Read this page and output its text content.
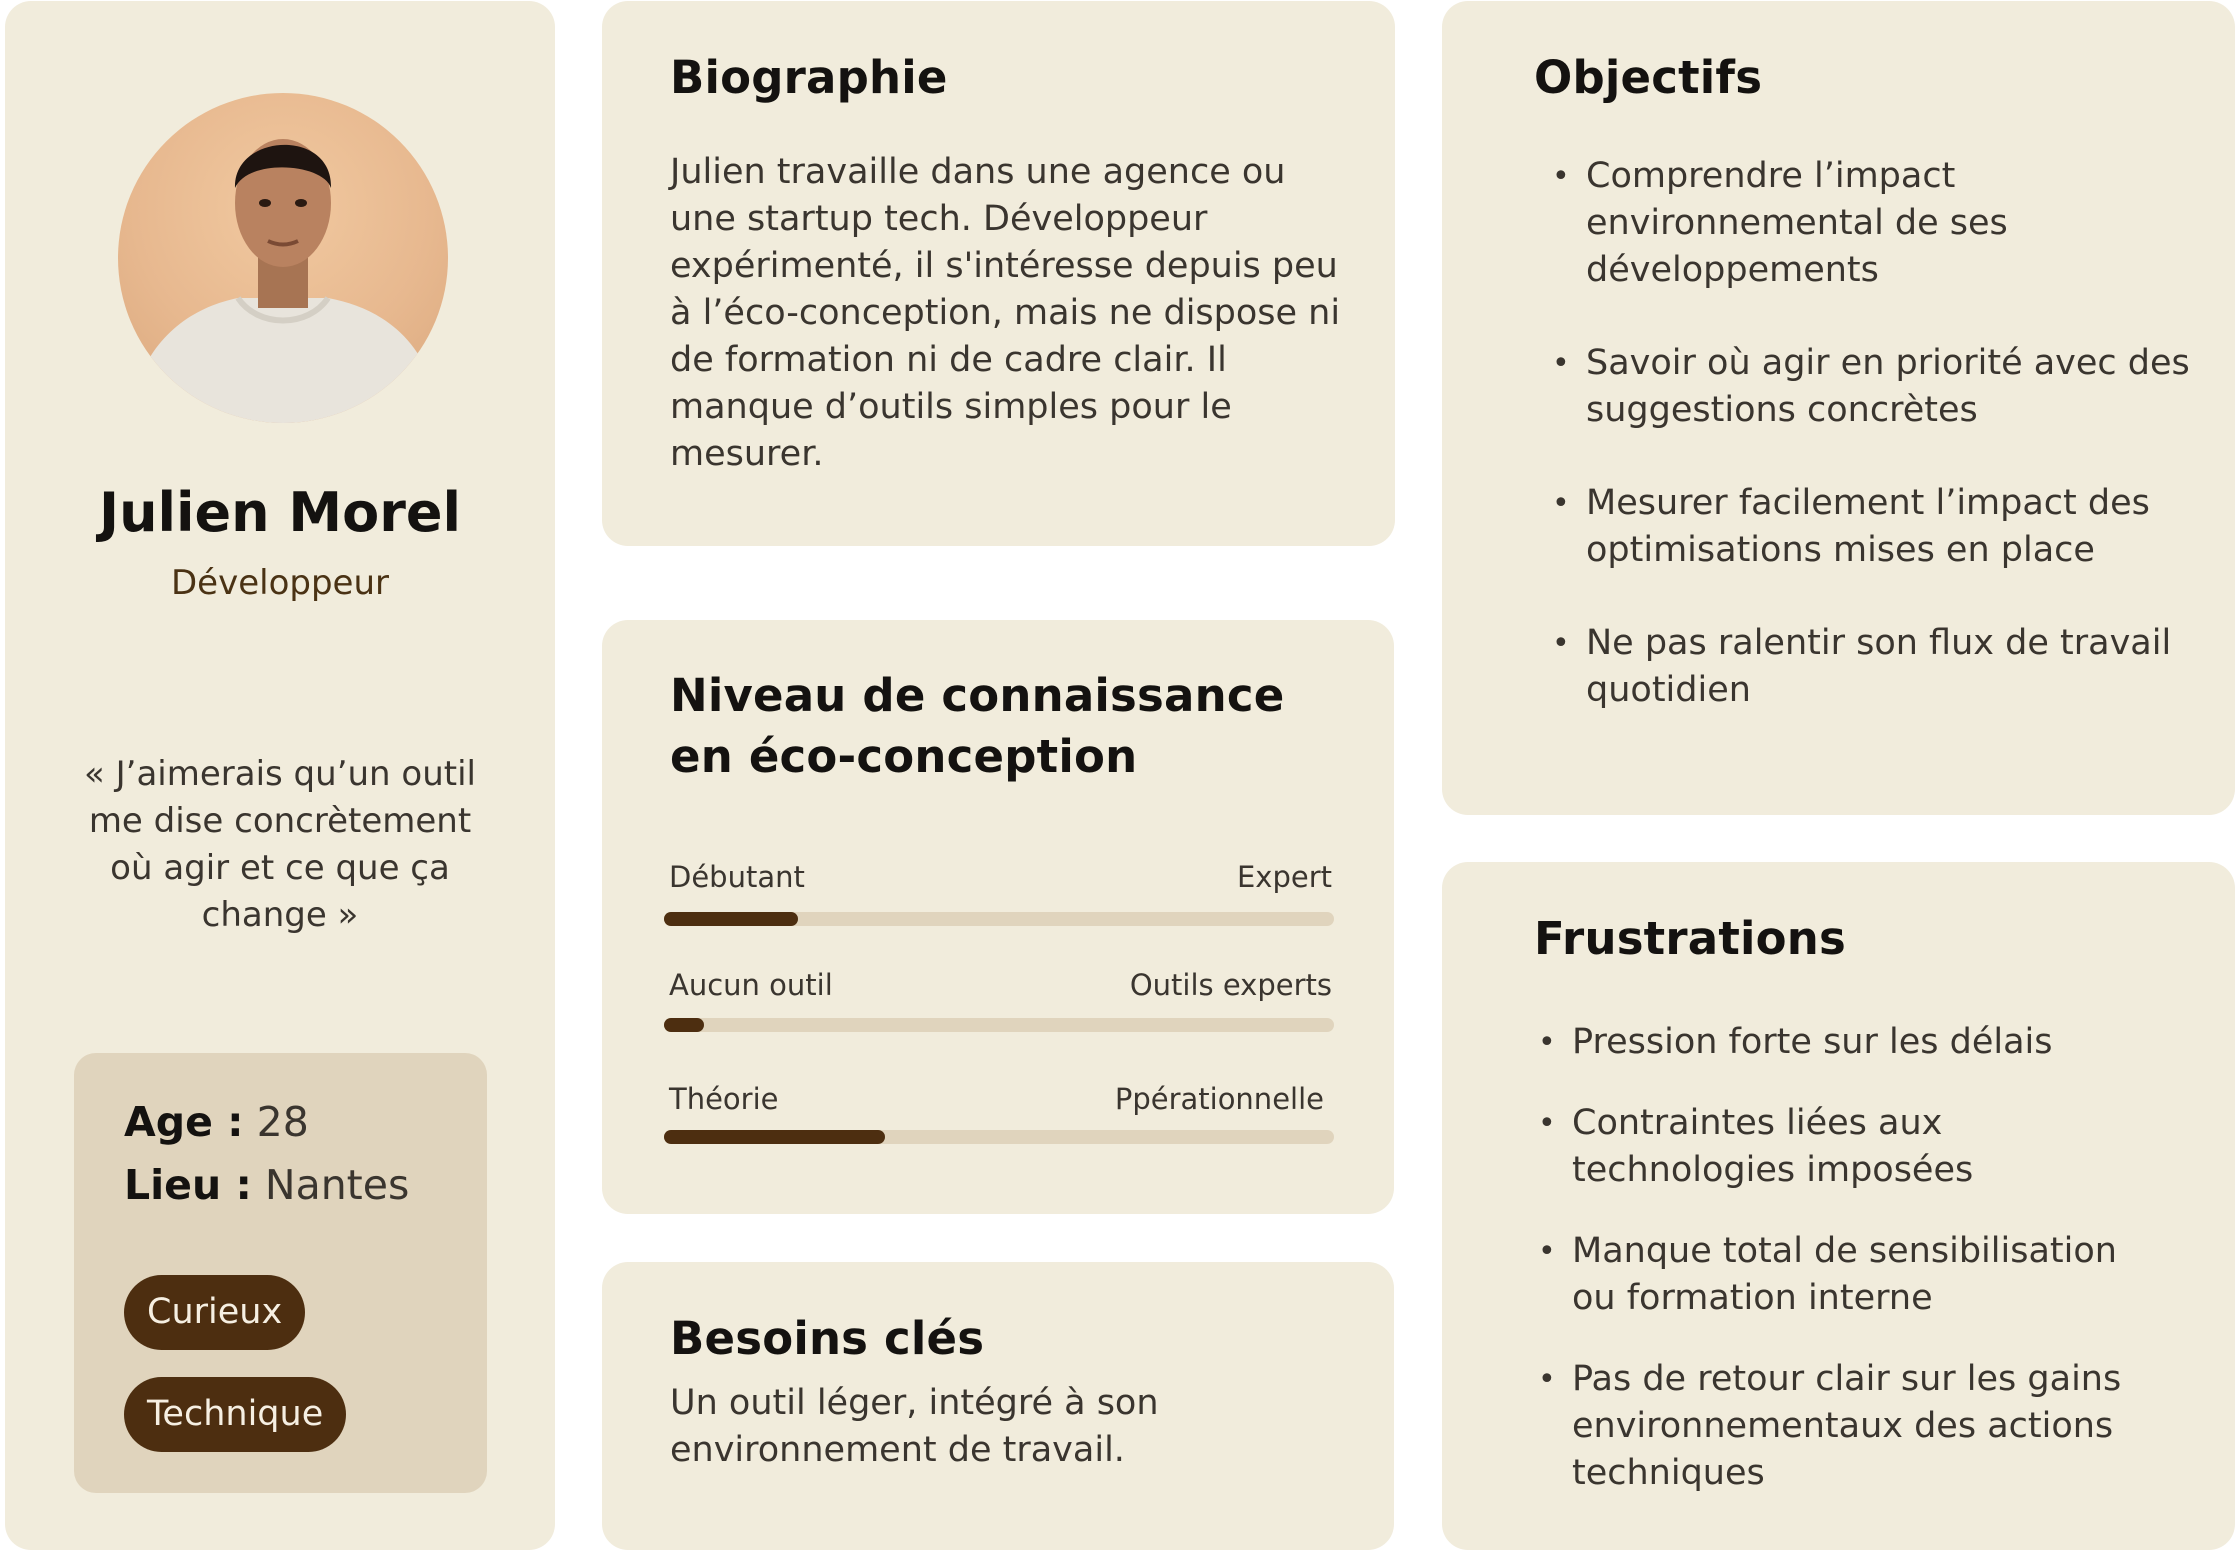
Julien Morel
Développeur
« J’aimerais qu’un outil me dise concrètement où agir et ce que ça change »
Age : 28
Lieu : Nantes
Curieux
Technique
Biographie
Julien travaille dans une agence ou une startup tech. Développeur expérimenté, il s'intéresse depuis peu à l’éco-conception, mais ne dispose ni de formation ni de cadre clair. Il manque d’outils simples pour le mesurer.
Niveau de connaissance en éco-conception
Débutant	Expert
Aucun outil	Outils experts
Théorie	Ppérationnelle
Besoins clés
Un outil léger, intégré à son environnement de travail.
Objectifs
• Comprendre l’impact environnemental de ses développements
• Savoir où agir en priorité avec des suggestions concrètes
• Mesurer facilement l’impact des optimisations mises en place
• Ne pas ralentir son flux de travail quotidien
Frustrations
• Pression forte sur les délais
• Contraintes liées aux technologies imposées
• Manque total de sensibilisation ou formation interne
• Pas de retour clair sur les gains environnementaux des actions techniques
